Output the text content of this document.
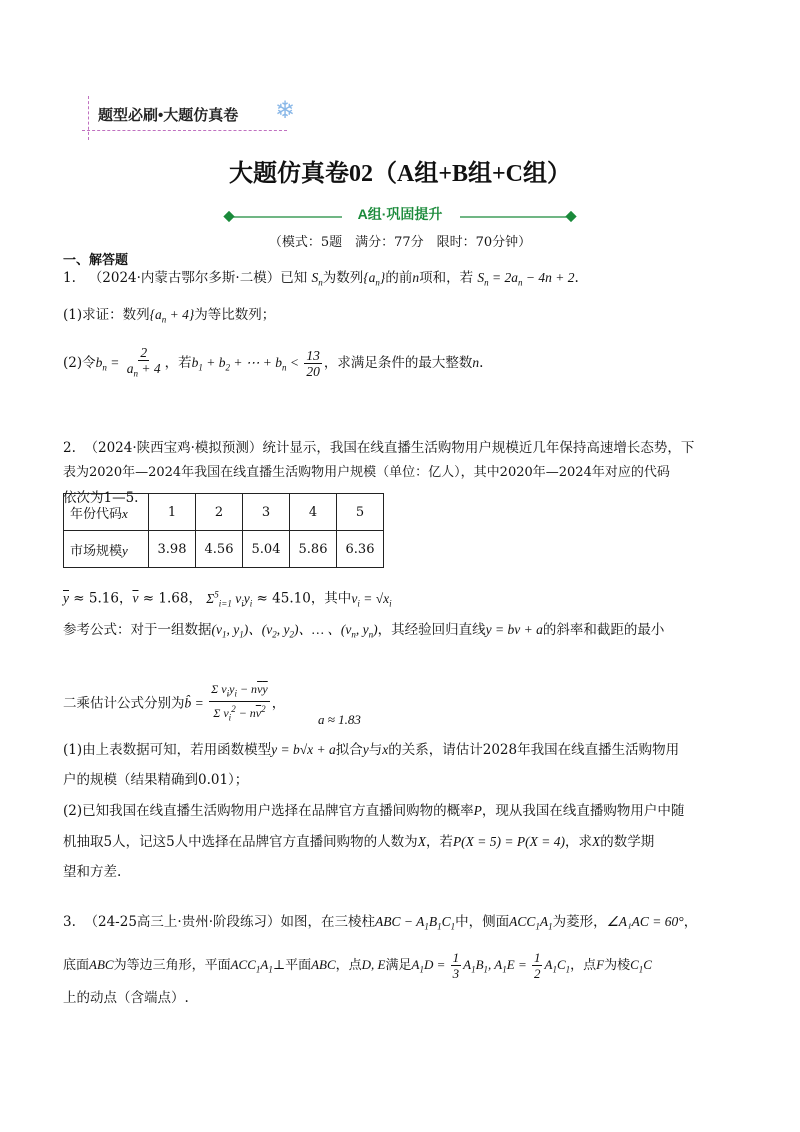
题型必刷•大题仿真卷 ❄
大题仿真卷02（A组+B组+C组）
A组·巩固提升
（模式：5题　满分：77分　限时：70分钟）
一、解答题
1. （2024·内蒙古鄂尔多斯·二模）已知 $S_n$为数列$\{a_n\}$的前n项和，若 $S_n = 2a_n - 4n + 2$.
(1)求证：数列$\{a_n + 4\}$为等比数列；
(2)令$b_n = \frac{2}{a_n + 4}$ ，若$b_1 + b_2$ + ⋯ + $b_n < \frac{13}{20}$ ，求满足条件的最大整数n.
2. （2024·陕西宝鸡·模拟预测）统计显示，我国在线直播生活购物用户规模近几年保持高速增长态势，下
表为2020年—2024年我国在线直播生活购物用户规模（单位：亿人），其中2020年—2024年对应的代码
依次为1—5.
年份代码x	1	2	3	4	5
市场规模y	3.98	4.56	5.04	5.86	6.36
$\overline{y} \approx 5.16$，$\overline{v} \approx 1.68$， $\Sigma^5_{i=1}$ $v_iy_i \approx 45.10$，其中$v_i = √x_i$
参考公式：对于一组数据($v_1$, $y_1$)、($v_2$, $y_2$)、… 、($v_n$, $y_n$)，其经验回归直线y = bv + a的斜率和截距的最小
二乘估计公式分别为b̂ = $\frac{\Sigma v_iy_i - n\overline{v}\overline{y}}{\Sigma v_i^2 - n\overline{v}^2}$ ，
a ≈ 1.83
(1)由上表数据可知，若用函数模型y = b√x + a拟合y与x的关系，请估计2028年我国在线直播生活购物用
户的规模（结果精确到0.01）；
(2)已知我国在线直播生活购物用户选择在品牌官方直播间购物的概率P，现从我国在线直播购物用户中随
机抽取5人，记这5人中选择在品牌官方直播间购物的人数为X，若P(X = 5) = P(X = 4)，求X的数学期
望和方差.
3. （24-25高三上·贵州·阶段练习）如图，在三棱柱ABC − $A_1B_1C_1$中，侧面$ACC_1A_1$为菱形，∠A₁AC = 60°，
底面ABC为等边三角形，平面$ACC_1A_1\perp$平面ABC，点D, E满足$A_1D = \frac{1}{3} A_1B_1$, $A_1E = \frac{1}{2} A_1C_1$，点F为棱$C_1C$
上的动点（含端点）.
